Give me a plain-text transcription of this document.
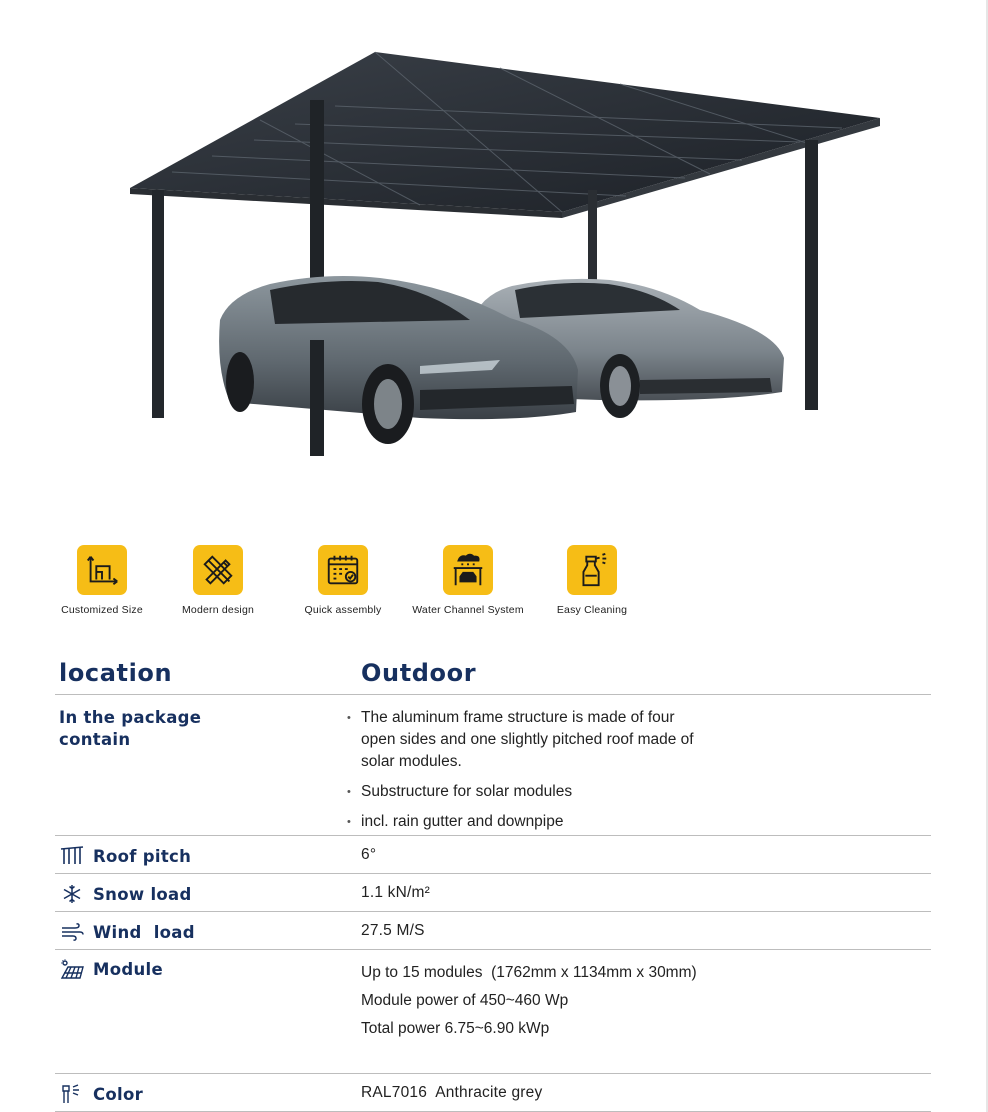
Customized Size	Modern design	Quick assembly	Water Channel System	Easy Cleaning
location	Outdoor
In the package contain
• The aluminum frame structure is made of four open sides and one slightly pitched roof made of solar modules.
• Substructure for solar modules
• incl. rain gutter and downpipe
Roof pitch	6°
Snow load	1.1 kN/m²
Wind  load	27.5 M/S
Module	Up to 15 modules  (1762mm x 1134mm x 30mm)
Module power of 450~460 Wp
Total power 6.75~6.90 kWp
Color	RAL7016  Anthracite grey
